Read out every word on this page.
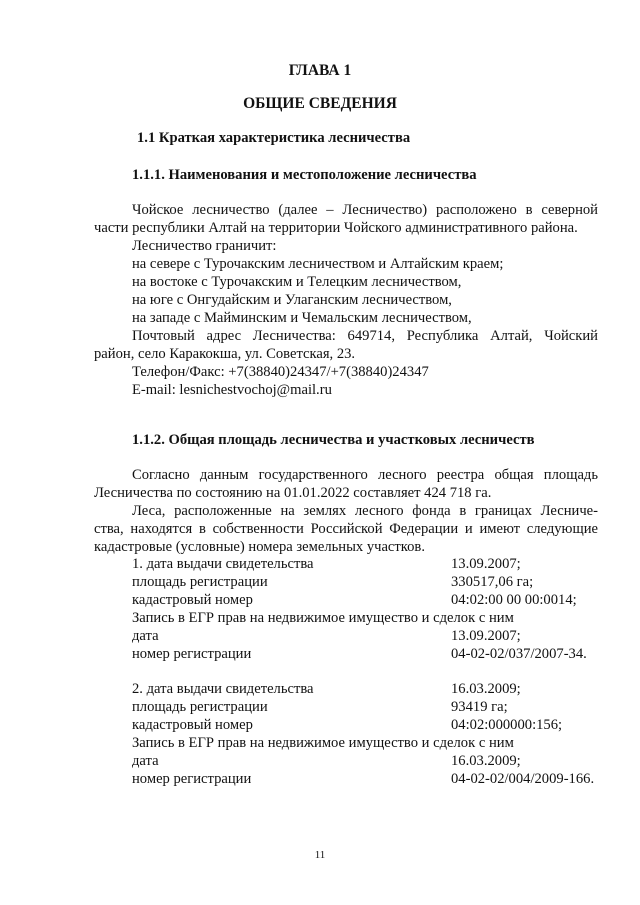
ГЛАВА 1
ОБЩИЕ СВЕДЕНИЯ
1.1 Краткая характеристика лесничества
1.1.1. Наименования и местоположение лесничества
Чойское лесничество (далее – Лесничество) расположено в северной
части республики Алтай на территории Чойского административного района.
Лесничество граничит:
на севере с Турочакским лесничеством и Алтайским краем;
на востоке с Турочакским и Телецким лесничеством,
на юге с Онгудайским и Улаганским лесничеством,
на западе с Майминским и Чемальским лесничеством,
Почтовый адрес Лесничества: 649714, Республика Алтай, Чойский
район, село Каракокша, ул. Советская, 23.
Телефон/Факс: +7(38840)24347/+7(38840)24347
E-mail: lesnichestvochoj@mail.ru
1.1.2. Общая площадь лесничества и участковых лесничеств
Согласно данным государственного лесного реестра общая площадь
Лесничества по состоянию на 01.01.2022 составляет 424 718 га.
Леса, расположенные на землях лесного фонда в границах Лесниче-
ства, находятся в собственности Российской Федерации и имеют следующие
кадастровые (условные) номера земельных участков.
1. дата выдачи свидетельства	13.09.2007;
площадь регистрации	330517,06 га;
кадастровый номер	04:02:00 00 00:0014;
Запись в ЕГР прав на недвижимое имущество и сделок с ним
дата	13.09.2007;
номер регистрации	04-02-02/037/2007-34.
2. дата выдачи свидетельства	16.03.2009;
площадь регистрации	93419 га;
кадастровый номер	04:02:000000:156;
Запись в ЕГР прав на недвижимое имущество и сделок с ним
дата	16.03.2009;
номер регистрации	04-02-02/004/2009-166.
11
